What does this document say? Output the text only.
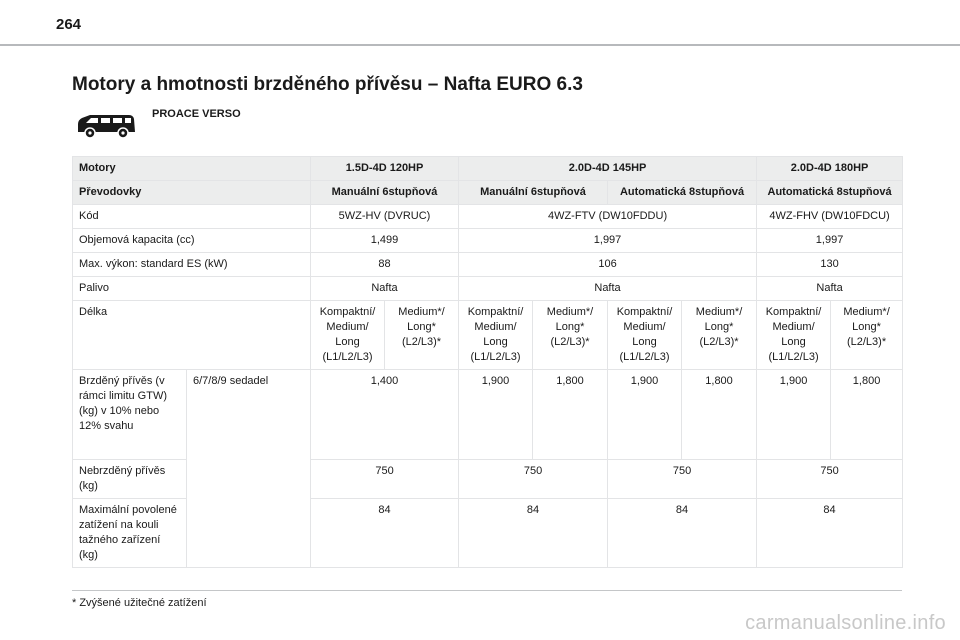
264
Motory a hmotnosti brzděného přívěsu – Nafta EURO 6.3
PROACE VERSO
Motory		1.5D-4D 120HP		2.0D-4D 145HP				2.0D-4D 180HP	
Převodovky		Manuální 6stupňová		Manuální 6stupňová		Automatická 8stupňová		Automatická 8stupňová	
Kód		5WZ-HV (DVRUC)		4WZ-FTV (DW10FDDU)				4WZ-FHV (DW10FDCU)	
Objemová kapacita (cc)		1,499		1,997				1,997	
Max. výkon: standard ES (kW)		88		106				130	
Palivo		Nafta		Nafta				Nafta	
Délka		Kompaktní/ Medium/ Long (L1/L2/L3)	Medium*/ Long* (L2/L3)*	Kompaktní/ Medium/ Long (L1/L2/L3)	Medium*/ Long* (L2/L3)*	Kompaktní/ Medium/ Long (L1/L2/L3)	Medium*/ Long* (L2/L3)*	Kompaktní/ Medium/ Long (L1/L2/L3)	Medium*/ Long* (L2/L3)*
Brzděný přívěs (v rámci limitu GTW) (kg) v 10% nebo 12% svahu	6/7/8/9 sedadel	1,400		1,900	1,800	1,900	1,800	1,900	1,800
Nebrzděný přívěs (kg)		750		750		750		750	
Maximální povolené zatížení na kouli tažného zařízení (kg)		84		84		84		84	
* Zvýšené užitečné zatížení
carmanualsonline.info
